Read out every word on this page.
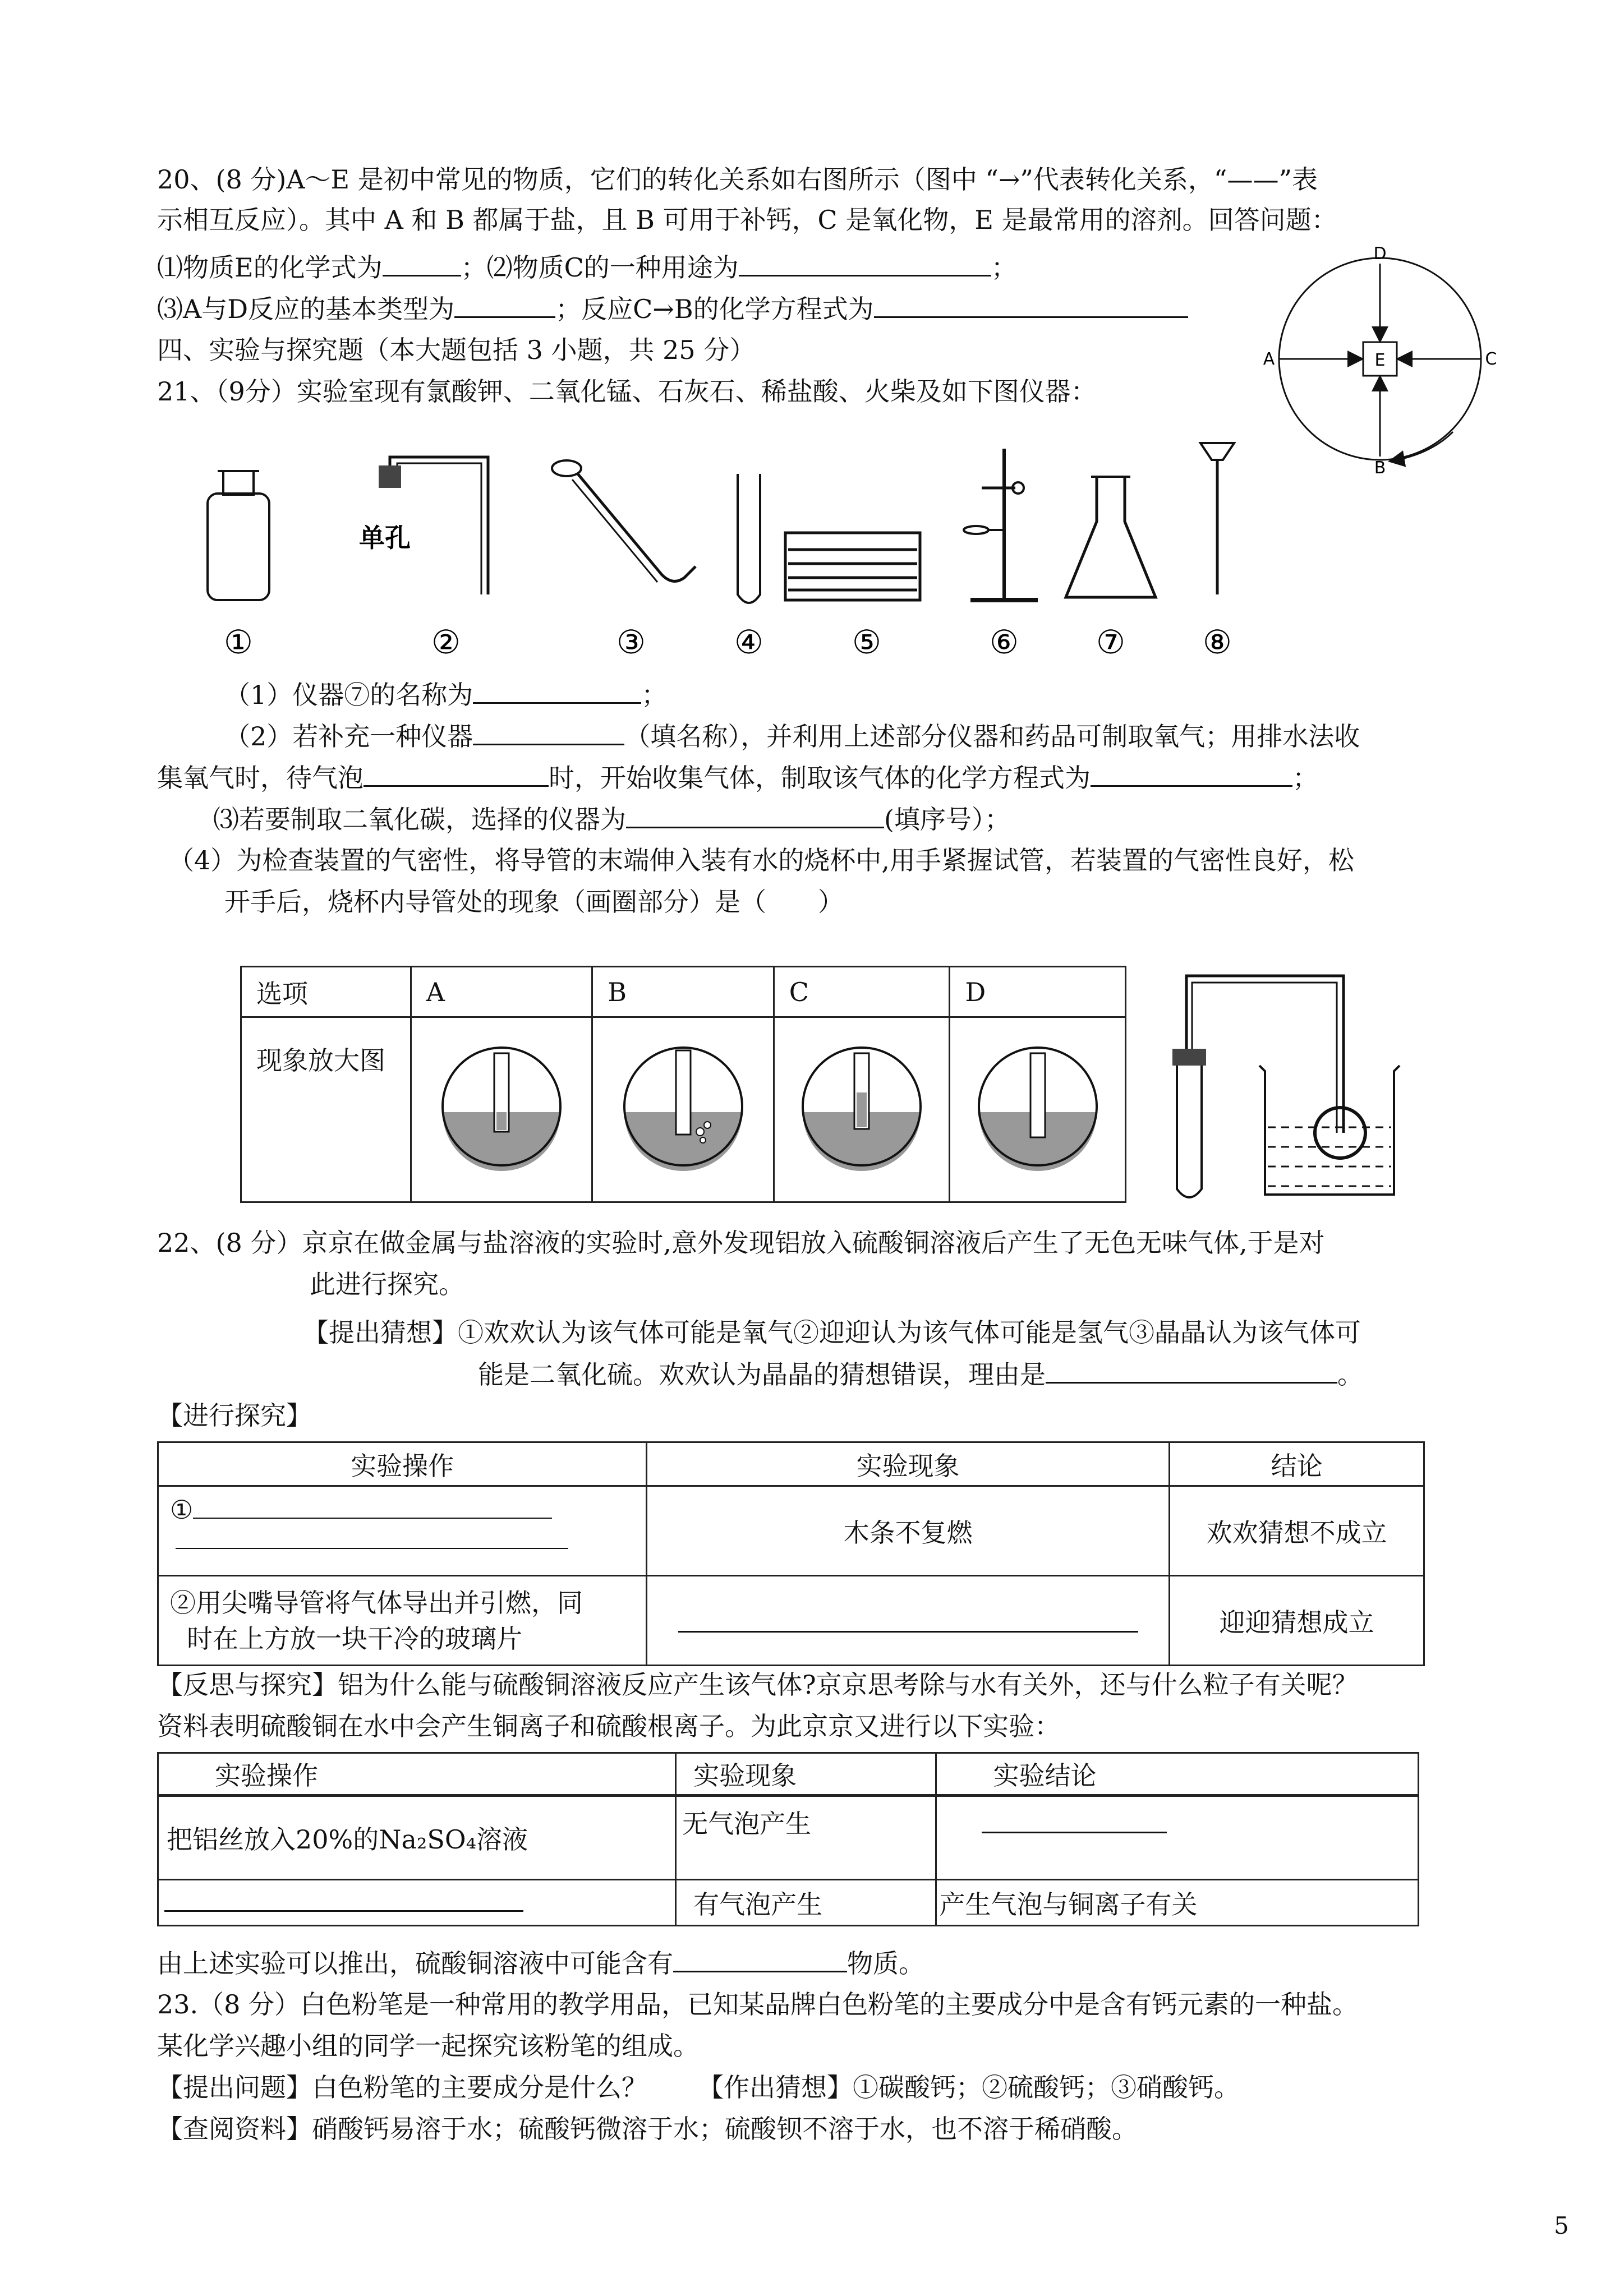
20、(8 分)A～E 是初中常见的物质，它们的转化关系如右图所示（图中 “→”代表转化关系，“——”表
示相互反应）。其中 A 和 B 都属于盐，且 B 可用于补钙，C 是氧化物，E 是最常用的溶剂。回答问题：
⑴物质E的化学式为	；⑵物质C的一种用途为	；
⑶A与D反应的基本类型为	；反应C→B的化学方程式为
E
D
A	C
B
四、实验与探究题（本大题包括 3 小题，共 25 分）
21、（9分）实验室现有氯酸钾、二氧化锰、石灰石、稀盐酸、火柴及如下图仪器：
单孔
①	②	③	④	⑤	⑥ ⑦ ⑧
（1）仪器⑦的名称为	；
（2）若补充一种仪器	（填名称），并利用上述部分仪器和药品可制取氧气；用排水法收
集氧气时，待气泡	时，开始收集气体，制取该气体的化学方程式为	；
⑶若要制取二氧化碳，选择的仪器为	(填序号）；
（4）为检查装置的气密性，将导管的末端伸入装有水的烧杯中,用手紧握试管，若装置的气密性良好，松
开手后，烧杯内导管处的现象（画圈部分）是（　　）
选项	A	B	C	D
现象放大图				
22、(8 分）京京在做金属与盐溶液的实验时,意外发现铝放入硫酸铜溶液后产生了无色无味气体,于是对
此进行探究。
【提出猜想】①欢欢认为该气体可能是氧气②迎迎认为该气体可能是氢气③晶晶认为该气体可
能是二氧化硫。欢欢认为晶晶的猜想错误，理由是	。
【进行探究】
实验操作	实验现象	结论
①	木条不复燃	欢欢猜想不成立
②用尖嘴导管将气体导出并引燃，同
时在上方放一块干冷的玻璃片		迎迎猜想成立
【反思与探究】铝为什么能与硫酸铜溶液反应产生该气体?京京思考除与水有关外，还与什么粒子有关呢？
资料表明硫酸铜在水中会产生铜离子和硫酸根离子。为此京京又进行以下实验：
实验操作	实验现象	实验结论
把铝丝放入20%的Na₂SO₄溶液	无气泡产生	
	有气泡产生	产生气泡与铜离子有关
由上述实验可以推出，硫酸铜溶液中可能含有	物质。
23.（8 分）白色粉笔是一种常用的教学用品，已知某品牌白色粉笔的主要成分中是含有钙元素的一种盐。
某化学兴趣小组的同学一起探究该粉笔的组成。
【提出问题】白色粉笔的主要成分是什么？ 【作出猜想】①碳酸钙；②硫酸钙；③硝酸钙。
【查阅资料】硝酸钙易溶于水；硫酸钙微溶于水；硫酸钡不溶于水，也不溶于稀硝酸。
5
